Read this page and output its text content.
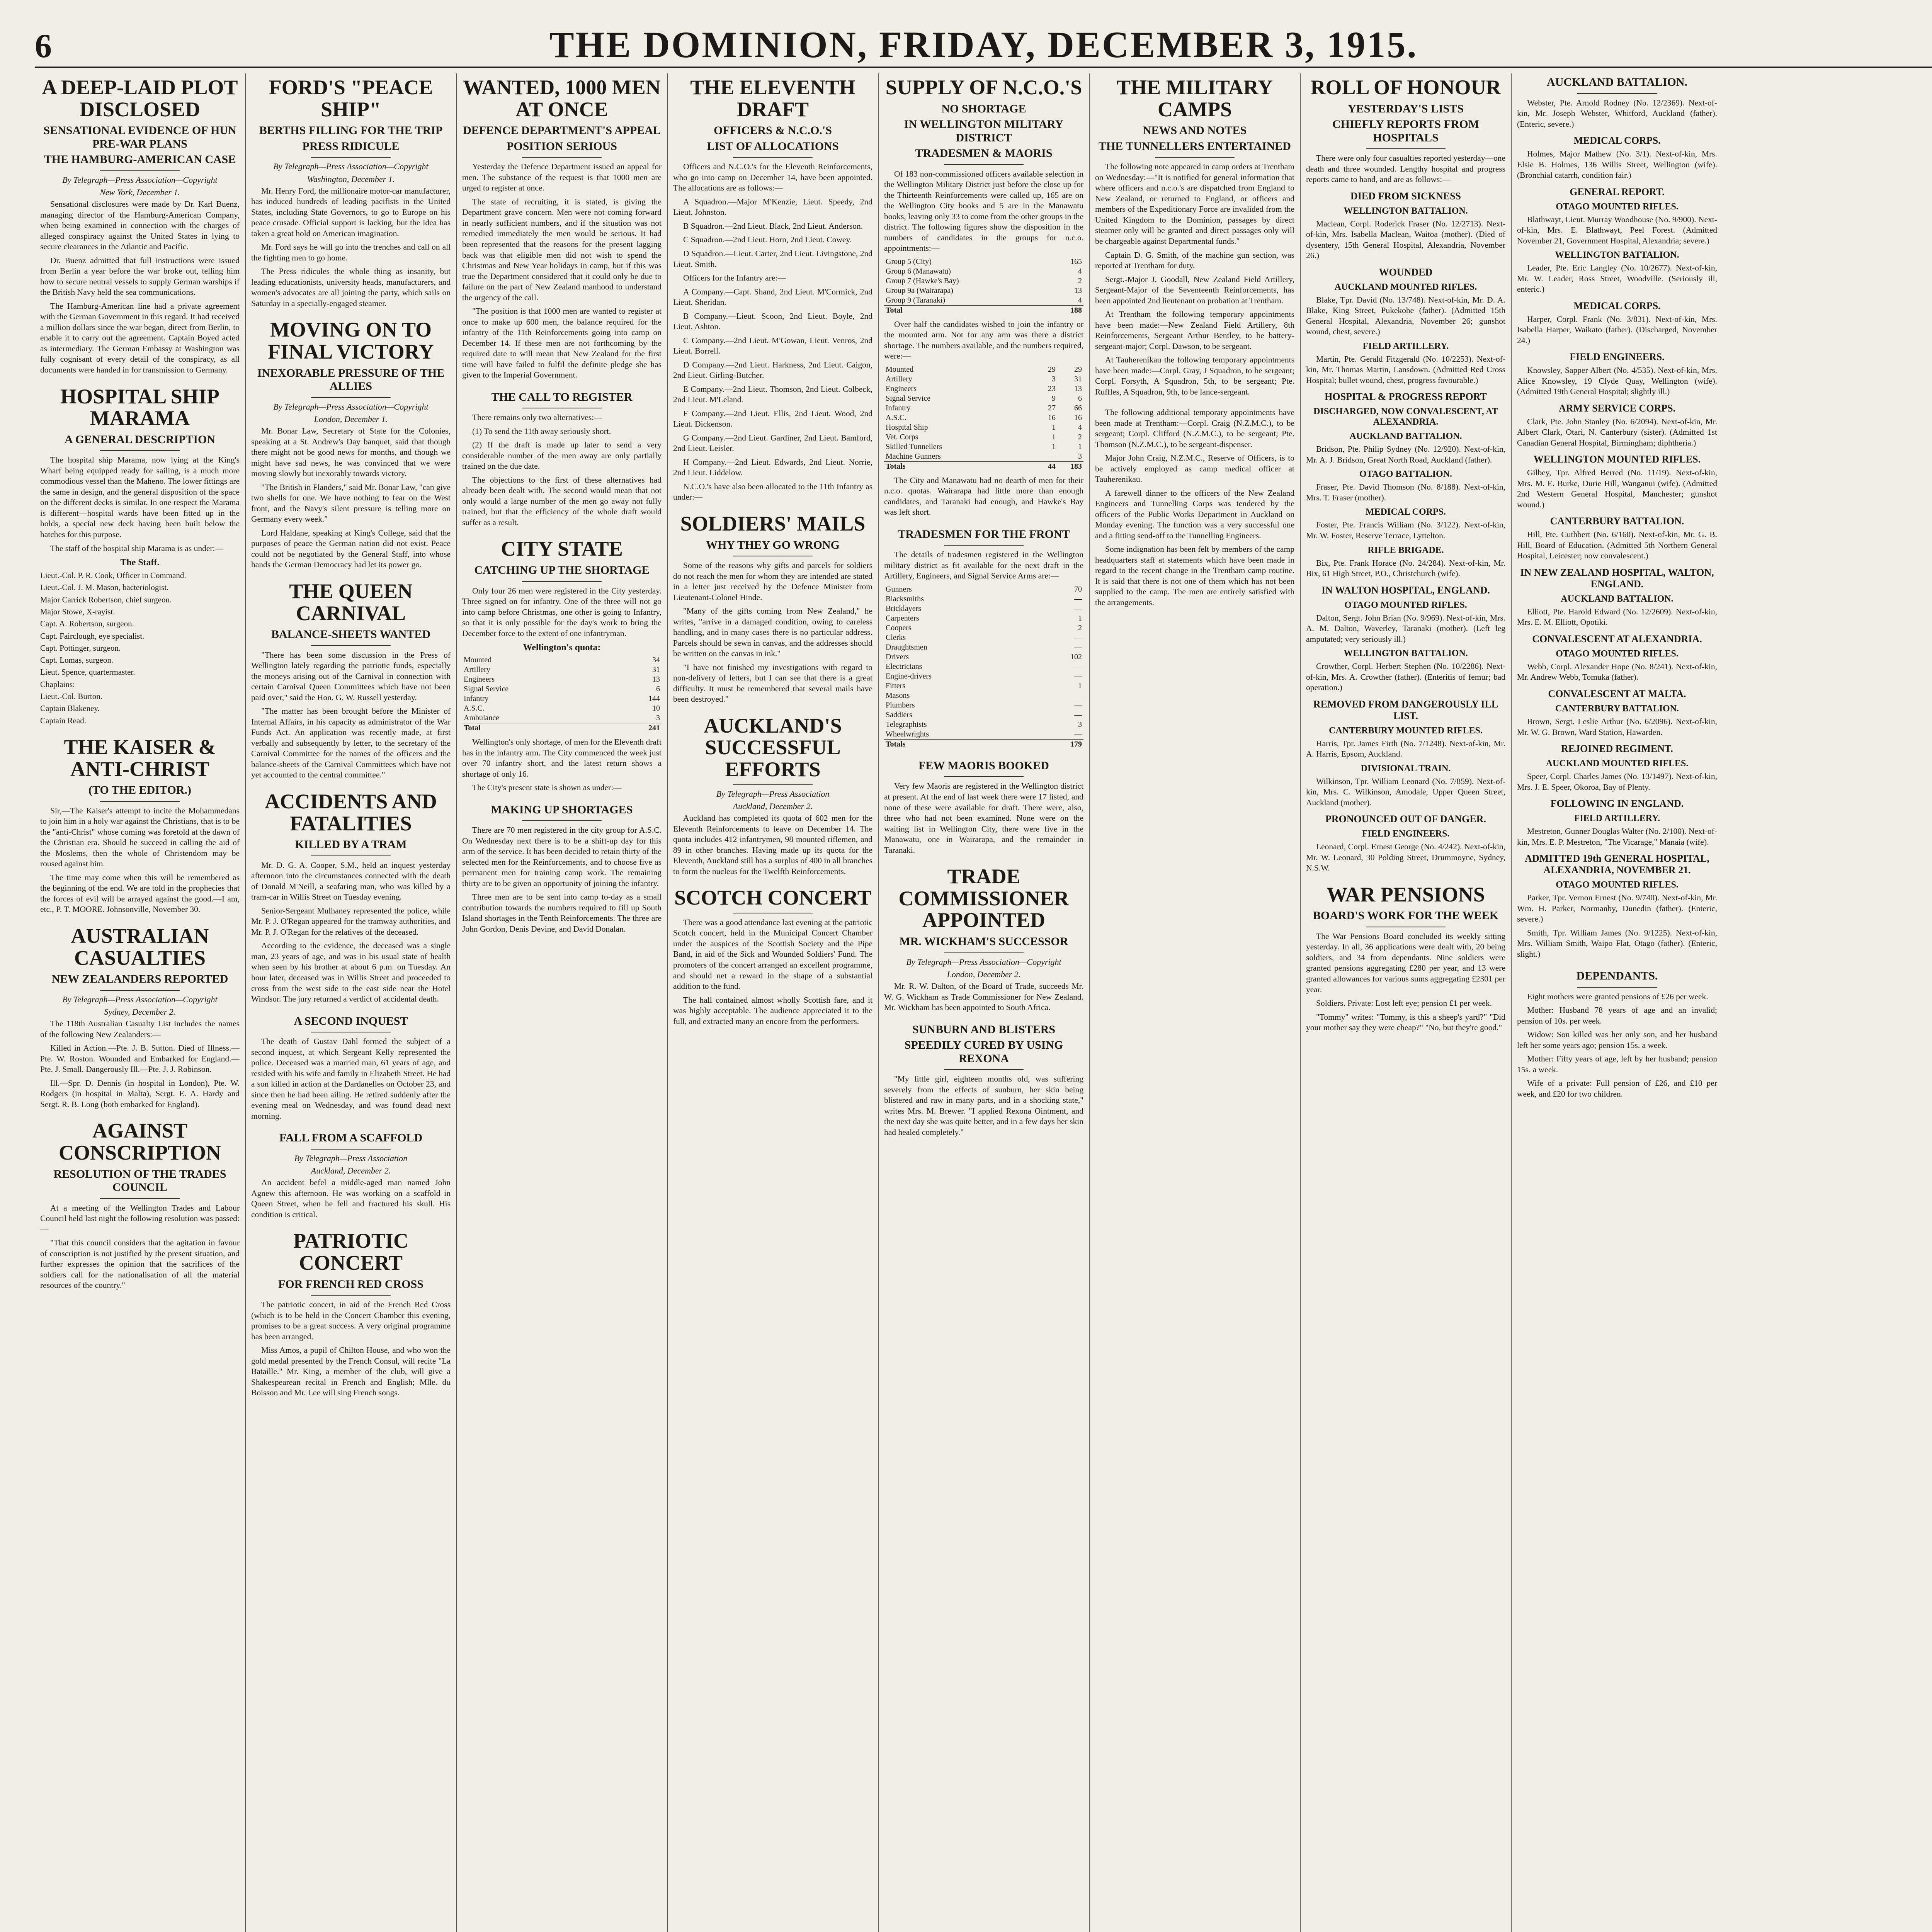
6	THE DOMINION, FRIDAY, DECEMBER 3, 1915.
A DEEP-LAID PLOT DISCLOSED
SENSATIONAL EVIDENCE OF HUN PRE-WAR PLANS
THE HAMBURG-AMERICAN CASE
By Telegraph—Press Association—Copyright
New York, December 1.

Sensational disclosures were made by Dr. Karl Buenz, managing director of the Hamburg-American Company, when being examined in connection with the charges of alleged conspiracy against the United States in lying to secure clearances in the Atlantic and Pacific.

Dr. Buenz admitted that full instructions were issued from Berlin a year before the war broke out, telling him how to secure neutral vessels to supply German warships if the British Navy held the sea communications.

The Hamburg-American line had a private agreement with the German Government in this regard. It had received a million dollars since the war began, direct from Berlin, to enable it to carry out the agreement. Captain Boyed acted as intermediary. The German Embassy at Washington was fully cognisant of every detail of the conspiracy, as all documents were handed in for transmission to Germany.

HOSPITAL SHIP MARAMA
A GENERAL DESCRIPTION

The hospital ship Marama, now lying at the King's Wharf being equipped ready for sailing, is a much more commodious vessel than the Maheno. The lower fittings are the same in design, and the general disposition of the space on the different decks is similar. In one respect the Marama is different—hospital wards have been fitted up in the holds, a special new deck having been built below the hatches for this purpose.

The staff of the hospital ship Marama is as under:—

The Staff.
Lieut.-Col. P. R. Cook, Officer in Command.
Lieut.-Col. J. M. Mason, bacteriologist.
Major Carrick Robertson, chief surgeon.
Major Stowe, X-rayist.
Capt. A. Robertson, surgeon.
Capt. Fairclough, eye specialist.
Capt. Pottinger, surgeon.
Capt. Lomas, surgeon.
Lieut. Spence, quartermaster.
Chaplains:
Lieut.-Col. Burton.
Captain Blakeney.
Captain Read.
THE KAISER & ANTI-CHRIST
(TO THE EDITOR.)

Sir,—The Kaiser's attempt to incite the Mohammedans to join him in a holy war against the Christians, that is to be the "anti-Christ" whose coming was foretold at the dawn of the Christian era. Should he succeed in calling the aid of the Moslems, then the whole of Christendom may be roused against him.

The time may come when this will be remembered as the beginning of the end. We are told in the prophecies that the forces of evil will be arrayed against the good.—I am, etc., P. T. MOORE. Johnsonville, November 30.

AUSTRALIAN CASUALTIES
NEW ZEALANDERS REPORTED
By Telegraph—Press Association—Copyright
Sydney, December 2.

The 118th Australian Casualty List includes the names of the following New Zealanders:—

Killed in Action.—Pte. J. B. Sutton. Died of Illness.—Pte. W. Roston. Wounded and Embarked for England.—Pte. J. Small. Dangerously Ill.—Pte. J. J. Robinson.

Ill.—Spr. D. Dennis (in hospital in London), Pte. W. Rodgers (in hospital in Malta), Sergt. E. A. Hardy and Sergt. R. B. Long (both embarked for England).

AGAINST CONSCRIPTION
RESOLUTION OF THE TRADES COUNCIL

At a meeting of the Wellington Trades and Labour Council held last night the following resolution was passed:—

"That this council considers that the agitation in favour of conscription is not justified by the present situation, and further expresses the opinion that the sacrifices of the soldiers call for the nationalisation of all the material resources of the country."

FORD'S "PEACE SHIP"
BERTHS FILLING FOR THE TRIP
PRESS RIDICULE
By Telegraph—Press Association—Copyright
Washington, December 1.

Mr. Henry Ford, the millionaire motor-car manufacturer, has induced hundreds of leading pacifists in the United States, including State Governors, to go to Europe on his peace crusade. Official support is lacking, but the idea has taken a great hold on American imagination.

Mr. Ford says he will go into the trenches and call on all the fighting men to go home.

The Press ridicules the whole thing as insanity, but leading educationists, university heads, manufacturers, and women's advocates are all joining the party, which sails on Saturday in a specially-engaged steamer.

MOVING ON TO FINAL VICTORY
INEXORABLE PRESSURE OF THE ALLIES
By Telegraph—Press Association—Copyright
London, December 1.

Mr. Bonar Law, Secretary of State for the Colonies, speaking at a St. Andrew's Day banquet, said that though there might not be good news for months, and though we might have sad news, he was convinced that we were moving slowly but inexorably towards victory.

"The British in Flanders," said Mr. Bonar Law, "can give two shells for one. We have nothing to fear on the West front, and the Navy's silent pressure is telling more on Germany every week."

Lord Haldane, speaking at King's College, said that the purposes of peace the German nation did not exist. Peace could not be negotiated by the General Staff, into whose hands the German Democracy had let its power go.

THE QUEEN CARNIVAL
BALANCE-SHEETS WANTED

"There has been some discussion in the Press of Wellington lately regarding the patriotic funds, especially the moneys arising out of the Carnival in connection with certain Carnival Queen Committees which have not been paid over," said the Hon. G. W. Russell yesterday.

"The matter has been brought before the Minister of Internal Affairs, in his capacity as administrator of the War Funds Act. An application was recently made, at first verbally and subsequently by letter, to the secretary of the Carnival Committee for the names of the officers and the balance-sheets of the Carnival Committees which have not yet accounted to the central committee."

ACCIDENTS AND FATALITIES
KILLED BY A TRAM

Mr. D. G. A. Cooper, S.M., held an inquest yesterday afternoon into the circumstances connected with the death of Donald M'Neill, a seafaring man, who was killed by a tram-car in Willis Street on Tuesday evening.

Senior-Sergeant Mulhaney represented the police, while Mr. P. J. O'Regan appeared for the tramway authorities, and Mr. P. J. O'Regan for the relatives of the deceased.

According to the evidence, the deceased was a single man, 23 years of age, and was in his usual state of health when seen by his brother at about 6 p.m. on Tuesday. An hour later, deceased was in Willis Street and proceeded to cross from the west side to the east side near the Hotel Windsor. The jury returned a verdict of accidental death.

A SECOND INQUEST

The death of Gustav Dahl formed the subject of a second inquest, at which Sergeant Kelly represented the police. Deceased was a married man, 61 years of age, and resided with his wife and family in Elizabeth Street. He had a son killed in action at the Dardanelles on October 23, and since then he had been ailing. He retired suddenly after the evening meal on Wednesday, and was found dead next morning.

FALL FROM A SCAFFOLD
By Telegraph—Press Association
Auckland, December 2.

An accident befel a middle-aged man named John Agnew this afternoon. He was working on a scaffold in Queen Street, when he fell and fractured his skull. His condition is critical.

PATRIOTIC CONCERT
FOR FRENCH RED CROSS

The patriotic concert, in aid of the French Red Cross (which is to be held in the Concert Chamber this evening, promises to be a great success. A very original programme has been arranged.

Miss Amos, a pupil of Chilton House, and who won the gold medal presented by the French Consul, will recite "La Bataille." Mr. King, a member of the club, will give a Shakespearean recital in French and English; Mlle. du Boisson and Mr. Lee will sing French songs.

WANTED, 1000 MEN AT ONCE
DEFENCE DEPARTMENT'S APPEAL
POSITION SERIOUS

Yesterday the Defence Department issued an appeal for men. The substance of the request is that 1000 men are urged to register at once.

The state of recruiting, it is stated, is giving the Department grave concern. Men were not coming forward in nearly sufficient numbers, and if the situation was not remedied immediately the men would be serious. It had been represented that the reasons for the present lagging back was that eligible men did not wish to spend the Christmas and New Year holidays in camp, but if this was true the Department considered that it could only be due to failure on the part of New Zealand manhood to understand the urgency of the call.

"The position is that 1000 men are wanted to register at once to make up 600 men, the balance required for the infantry of the 11th Reinforcements going into camp on December 14. If these men are not forthcoming by the required date to will mean that New Zealand for the first time will have failed to fulfil the definite pledge she has given to the Imperial Government.

THE CALL TO REGISTER

There remains only two alternatives:—

(1) To send the 11th away seriously short.

(2) If the draft is made up later to send a very considerable number of the men away are only partially trained on the due date.

The objections to the first of these alternatives had already been dealt with. The second would mean that not only would a large number of the men go away not fully trained, but that the efficiency of the whole draft would suffer as a result.

CITY STATE
CATCHING UP THE SHORTAGE

Only four 26 men were registered in the City yesterday. Three signed on for infantry. One of the three will not go into camp before Christmas, one other is going to Infantry, so that it is only possible for the day's work to bring the December force to the extent of one infantryman.

Wellington's quota:
Mounted	34
Artillery	31
Engineers	13
Signal Service	6
Infantry	144
A.S.C.	10
Ambulance	3
Total	241

Wellington's only shortage, of men for the Eleventh draft has in the infantry arm. The City commenced the week just over 70 infantry short, and the latest return shows a shortage of only 16.

The City's present state is shown as under:—

MAKING UP SHORTAGES

There are 70 men registered in the city group for A.S.C. On Wednesday next there is to be a shift-up day for this arm of the service. It has been decided to retain thirty of the selected men for the Reinforcements, and to choose five as permanent men for training camp work. The remaining thirty are to be given an opportunity of joining the infantry.

Three men are to be sent into camp to-day as a small contribution towards the numbers required to fill up South Island shortages in the Tenth Reinforcements. The three are John Gordon, Denis Devine, and David Donalan.

THE ELEVENTH DRAFT
OFFICERS & N.C.O.'S
LIST OF ALLOCATIONS

Officers and N.C.O.'s for the Eleventh Reinforcements, who go into camp on December 14, have been appointed. The allocations are as follows:—

A Squadron.—Major M'Kenzie, Lieut. Speedy, 2nd Lieut. Johnston.

B Squadron.—2nd Lieut. Black, 2nd Lieut. Anderson.

C Squadron.—2nd Lieut. Horn, 2nd Lieut. Cowey.

D Squadron.—Lieut. Carter, 2nd Lieut. Livingstone, 2nd Lieut. Smith.

Officers for the Infantry are:—

A Company.—Capt. Shand, 2nd Lieut. M'Cormick, 2nd Lieut. Sheridan.

B Company.—Lieut. Scoon, 2nd Lieut. Boyle, 2nd Lieut. Ashton.

C Company.—2nd Lieut. M'Gowan, Lieut. Venros, 2nd Lieut. Borrell.

D Company.—2nd Lieut. Harkness, 2nd Lieut. Caigon, 2nd Lieut. Girling-Butcher.

E Company.—2nd Lieut. Thomson, 2nd Lieut. Colbeck, 2nd Lieut. M'Leland.

F Company.—2nd Lieut. Ellis, 2nd Lieut. Wood, 2nd Lieut. Dickenson.

G Company.—2nd Lieut. Gardiner, 2nd Lieut. Bamford, 2nd Lieut. Leisler.

H Company.—2nd Lieut. Edwards, 2nd Lieut. Norrie, 2nd Lieut. Liddelow.

N.C.O.'s have also been allocated to the 11th Infantry as under:—

SOLDIERS' MAILS
WHY THEY GO WRONG

Some of the reasons why gifts and parcels for soldiers do not reach the men for whom they are intended are stated in a letter just received by the Defence Minister from Lieutenant-Colonel Hinde.

"Many of the gifts coming from New Zealand," he writes, "arrive in a damaged condition, owing to careless handling, and in many cases there is no particular address. Parcels should be sewn in canvas, and the addresses should be written on the canvas in ink."

"I have not finished my investigations with regard to non-delivery of letters, but I can see that there is a great difficulty. It must be remembered that several mails have been destroyed."

AUCKLAND'S SUCCESSFUL EFFORTS
By Telegraph—Press Association
Auckland, December 2.

Auckland has completed its quota of 602 men for the Eleventh Reinforcements to leave on December 14. The quota includes 412 infantrymen, 98 mounted riflemen, and 89 in other branches. Having made up its quota for the Eleventh, Auckland still has a surplus of 400 in all branches to form the nucleus for the Twelfth Reinforcements.

SCOTCH CONCERT

There was a good attendance last evening at the patriotic Scotch concert, held in the Municipal Concert Chamber under the auspices of the Scottish Society and the Pipe Band, in aid of the Sick and Wounded Soldiers' Fund. The promoters of the concert arranged an excellent programme, and should net a reward in the shape of a substantial addition to the fund.

The hall contained almost wholly Scottish fare, and it was highly acceptable. The audience appreciated it to the full, and extracted many an encore from the performers.

SUPPLY OF N.C.O.'S
NO SHORTAGE
IN WELLINGTON MILITARY DISTRICT
TRADESMEN & MAORIS

Of 183 non-commissioned officers available selection in the Wellington Military District just before the close up for the Thirteenth Reinforcements were called up, 165 are on the Wellington City books and 5 are in the Manawatu books, leaving only 33 to come from the other groups in the district. The following figures show the disposition in the numbers of candidates in the groups for n.c.o. appointments:—

Group 5 (City)	165
Group 6 (Manawatu)	4
Group 7 (Hawke's Bay)	2
Group 9a (Wairarapa)	13
Group 9 (Taranaki)	4
Total	188

Over half the candidates wished to join the infantry or the mounted arm. Not for any arm was there a district shortage. The numbers available, and the numbers required, were:—

Mounted	29	29
Artillery	3	31
Engineers	23	13
Signal Service	9	6
Infantry	27	66
A.S.C.	16	16
Hospital Ship	1	4
Vet. Corps	1	2
Skilled Tunnellers	1	1
Machine Gunners	—	3
Totals	44	183

The City and Manawatu had no dearth of men for their n.c.o. quotas. Wairarapa had little more than enough candidates, and Taranaki had enough, and Hawke's Bay was left short.

TRADESMEN FOR THE FRONT

The details of tradesmen registered in the Wellington military district as fit available for the next draft in the Artillery, Engineers, and Signal Service Arms are:—

Gunners	70
Blacksmiths	—
Bricklayers	—
Carpenters	1
Coopers	2
Clerks	—
Draughtsmen	—
Drivers	102
Electricians	—
Engine-drivers	—
Fitters	1
Masons	—
Plumbers	—
Saddlers	—
Telegraphists	3
Wheelwrights	—
Totals	179
FEW MAORIS BOOKED

Very few Maoris are registered in the Wellington district at present. At the end of last week there were 17 listed, and none of these were available for draft. There were, also, three who had not been examined. None were on the waiting list in Wellington City, there were five in the Manawatu, one in Wairarapa, and the remainder in Taranaki.

TRADE COMMISSIONER APPOINTED
MR. WICKHAM'S SUCCESSOR
By Telegraph—Press Association—Copyright
London, December 2.

Mr. R. W. Dalton, of the Board of Trade, succeeds Mr. W. G. Wickham as Trade Commissioner for New Zealand. Mr. Wickham has been appointed to South Africa.

SUNBURN AND BLISTERS
SPEEDILY CURED BY USING REXONA

"My little girl, eighteen months old, was suffering severely from the effects of sunburn, her skin being blistered and raw in many parts, and in a shocking state," writes Mrs. M. Brewer. "I applied Rexona Ointment, and the next day she was quite better, and in a few days her skin had healed completely."

THE MILITARY CAMPS
NEWS AND NOTES
THE TUNNELLERS ENTERTAINED

The following note appeared in camp orders at Trentham on Wednesday:—"It is notified for general information that where officers and n.c.o.'s are dispatched from England to New Zealand, or returned to England, or officers and members of the Expeditionary Force are invalided from the United Kingdom to the Dominion, passages by direct steamer only will be granted and direct passages only will be chargeable against Departmental funds."

Captain D. G. Smith, of the machine gun section, was reported at Trentham for duty.

Sergt.-Major J. Goodall, New Zealand Field Artillery, Sergeant-Major of the Seventeenth Reinforcements, has been appointed 2nd lieutenant on probation at Trentham.

At Trentham the following temporary appointments have been made:—New Zealand Field Artillery, 8th Reinforcements, Sergeant Arthur Bentley, to be battery-sergeant-major; Corpl. Dawson, to be sergeant.

At Tauherenikau the following temporary appointments have been made:—Corpl. Gray, J Squadron, to be sergeant; Corpl. Forsyth, A Squadron, 5th, to be sergeant; Pte. Ruffles, A Squadron, 9th, to be lance-sergeant.

The following additional temporary appointments have been made at Trentham:—Corpl. Craig (N.Z.M.C.), to be sergeant; Corpl. Clifford (N.Z.M.C.), to be sergeant; Pte. Thomson (N.Z.M.C.), to be sergeant-dispenser.

Major John Craig, N.Z.M.C., Reserve of Officers, is to be actively employed as camp medical officer at Tauherenikau.

A farewell dinner to the officers of the New Zealand Engineers and Tunnelling Corps was tendered by the officers of the Public Works Department in Auckland on Monday evening. The function was a very successful one and a fitting send-off to the Tunnelling Engineers.

Some indignation has been felt by members of the camp headquarters staff at statements which have been made in regard to the recent change in the Trentham camp routine. It is said that there is not one of them which has not been supplied to the camp. The men are entirely satisfied with the arrangements.

ROLL OF HONOUR
YESTERDAY'S LISTS
CHIEFLY REPORTS FROM HOSPITALS

There were only four casualties reported yesterday—one death and three wounded. Lengthy hospital and progress reports came to hand, and are as follows:—

DIED FROM SICKNESS
WELLINGTON BATTALION.

Maclean, Corpl. Roderick Fraser (No. 12/2713). Next-of-kin, Mrs. Isabella Maclean, Waitoa (mother). (Died of dysentery, 15th General Hospital, Alexandria, November 26.)

WOUNDED
AUCKLAND MOUNTED RIFLES.

Blake, Tpr. David (No. 13/748). Next-of-kin, Mr. D. A. Blake, King Street, Pukekohe (father). (Admitted 15th General Hospital, Alexandria, November 26; gunshot wound, chest, severe.)

FIELD ARTILLERY.

Martin, Pte. Gerald Fitzgerald (No. 10/2253). Next-of-kin, Mr. Thomas Martin, Lansdown. (Admitted Red Cross Hospital; bullet wound, chest, progress favourable.)

HOSPITAL & PROGRESS REPORT
DISCHARGED, NOW CONVALESCENT, AT ALEXANDRIA.
AUCKLAND BATTALION.

Bridson, Pte. Philip Sydney (No. 12/920). Next-of-kin, Mr. A. J. Bridson, Great North Road, Auckland (father).

OTAGO BATTALION.

Fraser, Pte. David Thomson (No. 8/188). Next-of-kin, Mrs. T. Fraser (mother).

MEDICAL CORPS.

Foster, Pte. Francis William (No. 3/122). Next-of-kin, Mr. W. Foster, Reserve Terrace, Lyttelton.

RIFLE BRIGADE.

Bix, Pte. Frank Horace (No. 24/284). Next-of-kin, Mr. Bix, 61 High Street, P.O., Christchurch (wife).

IN WALTON HOSPITAL, ENGLAND.
OTAGO MOUNTED RIFLES.

Dalton, Sergt. John Brian (No. 9/969). Next-of-kin, Mrs. A. M. Dalton, Waverley, Taranaki (mother). (Left leg amputated; very seriously ill.)

WELLINGTON BATTALION.

Crowther, Corpl. Herbert Stephen (No. 10/2286). Next-of-kin, Mrs. A. Crowther (father). (Enteritis of femur; bad operation.)

REMOVED FROM DANGEROUSLY ILL LIST.
CANTERBURY MOUNTED RIFLES.

Harris, Tpr. James Firth (No. 7/1248). Next-of-kin, Mr. A. Harris, Epsom, Auckland.

DIVISIONAL TRAIN.

Wilkinson, Tpr. William Leonard (No. 7/859). Next-of-kin, Mrs. C. Wilkinson, Amodale, Upper Queen Street, Auckland (mother).

PRONOUNCED OUT OF DANGER.
FIELD ENGINEERS.

Leonard, Corpl. Ernest George (No. 4/242). Next-of-kin, Mr. W. Leonard, 30 Polding Street, Drummoyne, Sydney, N.S.W.

WAR PENSIONS
BOARD'S WORK FOR THE WEEK

The War Pensions Board concluded its weekly sitting yesterday. In all, 36 applications were dealt with, 20 being soldiers, and 34 from dependants. Nine soldiers were granted pensions aggregating £280 per year, and 13 were granted allowances for various sums aggregating £2301 per year.

Soldiers. Private: Lost left eye; pension £1 per week.

"Tommy" writes: "Tommy, is this a sheep's yard?" "Did your mother say they were cheap?" "No, but they're good."

AUCKLAND BATTALION.

Webster, Pte. Arnold Rodney (No. 12/2369). Next-of-kin, Mr. Joseph Webster, Whitford, Auckland (father). (Enteric, severe.)

MEDICAL CORPS.

Holmes, Major Mathew (No. 3/1). Next-of-kin, Mrs. Elsie B. Holmes, 136 Willis Street, Wellington (wife). (Bronchial catarrh, condition fair.)

GENERAL REPORT.
OTAGO MOUNTED RIFLES.

Blathwayt, Lieut. Murray Woodhouse (No. 9/900). Next-of-kin, Mrs. E. Blathwayt, Peel Forest. (Admitted November 21, Government Hospital, Alexandria; severe.)

WELLINGTON BATTALION.

Leader, Pte. Eric Langley (No. 10/2677). Next-of-kin, Mr. W. Leader, Ross Street, Woodville. (Seriously ill, enteric.)

MEDICAL CORPS.

Harper, Corpl. Frank (No. 3/831). Next-of-kin, Mrs. Isabella Harper, Waikato (father). (Discharged, November 24.)

FIELD ENGINEERS.

Knowsley, Sapper Albert (No. 4/535). Next-of-kin, Mrs. Alice Knowsley, 19 Clyde Quay, Wellington (wife). (Admitted 19th General Hospital; slightly ill.)

ARMY SERVICE CORPS.

Clark, Pte. John Stanley (No. 6/2094). Next-of-kin, Mr. Albert Clark, Otari, N. Canterbury (sister). (Admitted 1st Canadian General Hospital, Birmingham; diphtheria.)

WELLINGTON MOUNTED RIFLES.

Gilbey, Tpr. Alfred Berred (No. 11/19). Next-of-kin, Mrs. M. E. Burke, Durie Hill, Wanganui (wife). (Admitted 2nd Western General Hospital, Manchester; gunshot wound.)

CANTERBURY BATTALION.

Hill, Pte. Cuthbert (No. 6/160). Next-of-kin, Mr. G. B. Hill, Board of Education. (Admitted 5th Northern General Hospital, Leicester; now convalescent.)

IN NEW ZEALAND HOSPITAL, WALTON, ENGLAND.
AUCKLAND BATTALION.

Elliott, Pte. Harold Edward (No. 12/2609). Next-of-kin, Mrs. E. M. Elliott, Opotiki.

CONVALESCENT AT ALEXANDRIA.
OTAGO MOUNTED RIFLES.

Webb, Corpl. Alexander Hope (No. 8/241). Next-of-kin, Mr. Andrew Webb, Tomuka (father).

CONVALESCENT AT MALTA.
CANTERBURY BATTALION.

Brown, Sergt. Leslie Arthur (No. 6/2096). Next-of-kin, Mr. W. G. Brown, Ward Station, Hawarden.

REJOINED REGIMENT.
AUCKLAND MOUNTED RIFLES.

Speer, Corpl. Charles James (No. 13/1497). Next-of-kin, Mrs. J. E. Speer, Okoroa, Bay of Plenty.

FOLLOWING IN ENGLAND.
FIELD ARTILLERY.

Mestreton, Gunner Douglas Walter (No. 2/100). Next-of-kin, Mrs. E. P. Mestreton, "The Vicarage," Manaia (wife).

ADMITTED 19th GENERAL HOSPITAL, ALEXANDRIA, NOVEMBER 21.
OTAGO MOUNTED RIFLES.

Parker, Tpr. Vernon Ernest (No. 9/740). Next-of-kin, Mr. Wm. H. Parker, Normanby, Dunedin (father). (Enteric, severe.)

Smith, Tpr. William James (No. 9/1225). Next-of-kin, Mrs. William Smith, Waipo Flat, Otago (father). (Enteric, slight.)

DEPENDANTS.

Eight mothers were granted pensions of £26 per week.

Mother: Husband 78 years of age and an invalid; pension of 10s. per week.

Widow: Son killed was her only son, and her husband left her some years ago; pension 15s. a week.

Mother: Fifty years of age, left by her husband; pension 15s. a week.

Wife of a private: Full pension of £26, and £10 per week, and £20 for two children.
